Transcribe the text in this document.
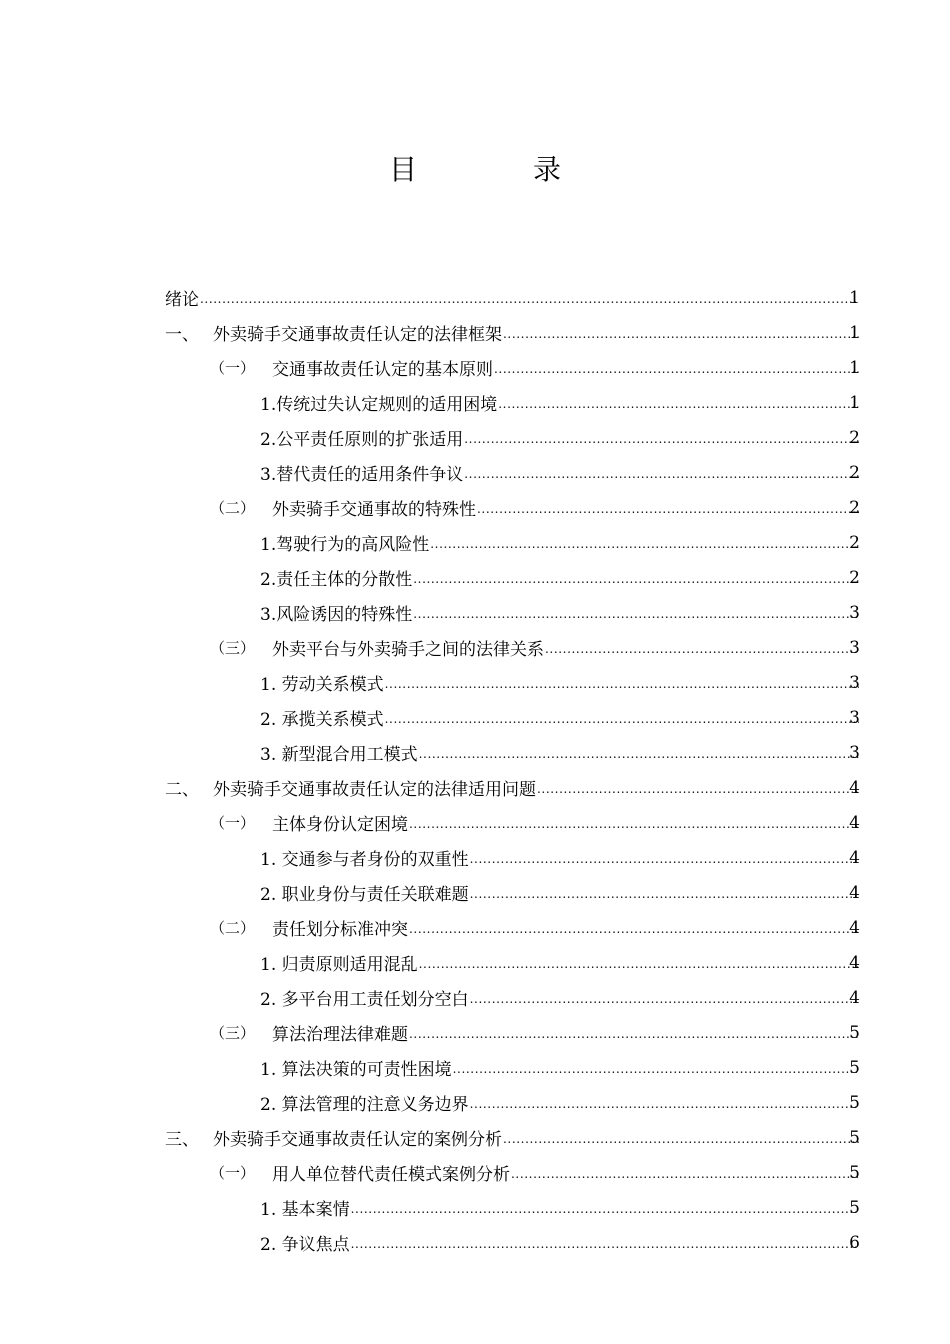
目　录
绪论 .....	1
一、 外卖骑手交通事故责任认定的法律框架 .....	1
（一） 交通事故责任认定的基本原则 .....	1
1.传统过失认定规则的适用困境 .....	1
2.公平责任原则的扩张适用 .....	2
3.替代责任的适用条件争议 .....	2
（二） 外卖骑手交通事故的特殊性 .....	2
1.驾驶行为的高风险性 .....	2
2.责任主体的分散性 .....	2
3.风险诱因的特殊性 .....	3
（三） 外卖平台与外卖骑手之间的法律关系 .....	3
1. 劳动关系模式 .....	3
2. 承揽关系模式 .....	3
3. 新型混合用工模式 .....	3
二、 外卖骑手交通事故责任认定的法律适用问题 .....	4
（一） 主体身份认定困境 .....	4
1. 交通参与者身份的双重性 .....	4
2. 职业身份与责任关联难题 .....	4
（二） 责任划分标准冲突 .....	4
1. 归责原则适用混乱 .....	4
2. 多平台用工责任划分空白 .....	4
（三） 算法治理法律难题 .....	5
1. 算法决策的可责性困境 .....	5
2. 算法管理的注意义务边界 .....	5
三、 外卖骑手交通事故责任认定的案例分析 .....	5
（一） 用人单位替代责任模式案例分析 .....	5
1. 基本案情 .....	5
2. 争议焦点 .....	6
